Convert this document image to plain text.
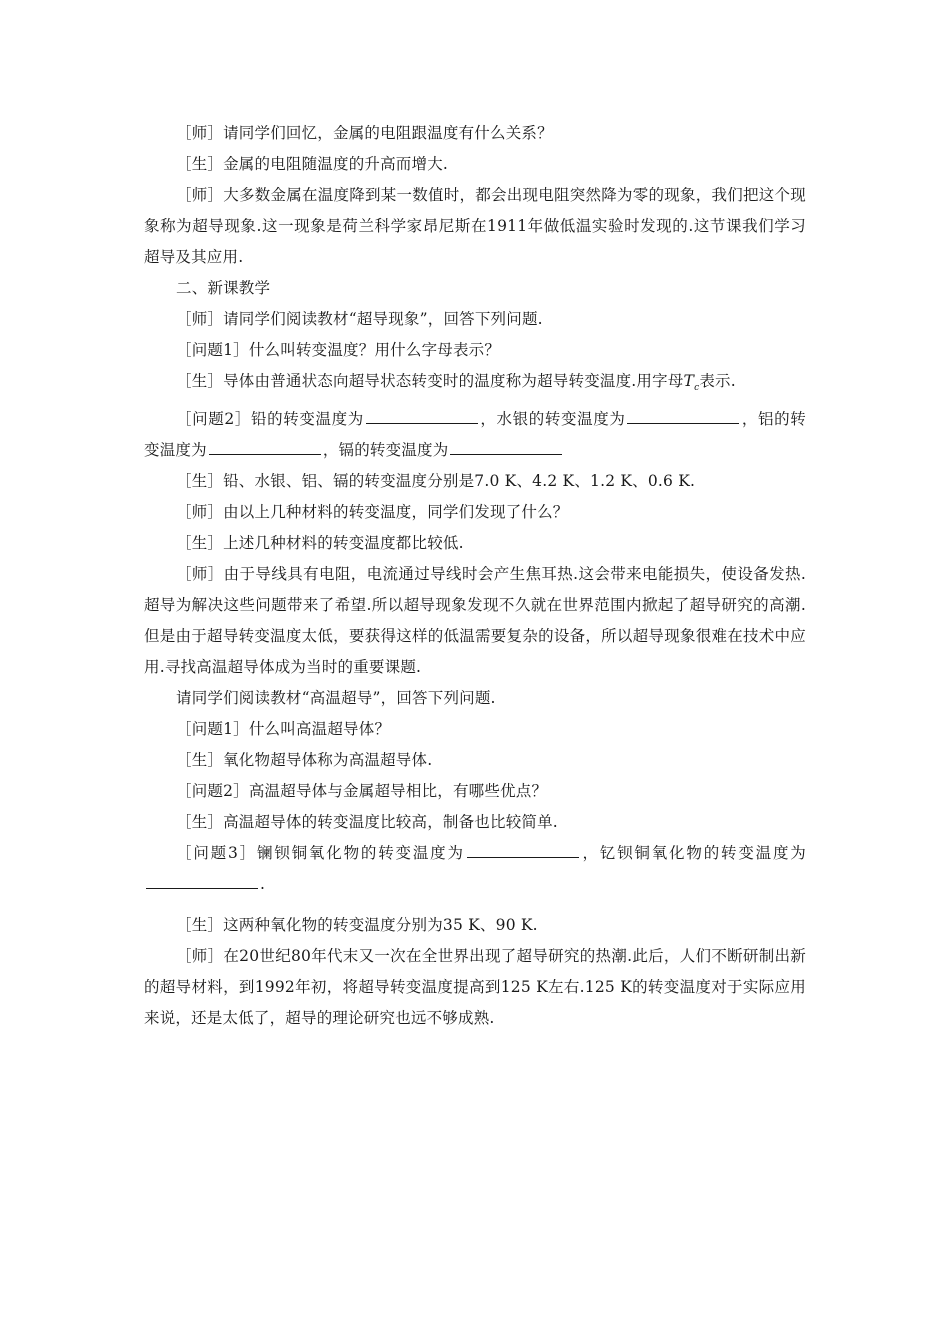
［师］请同学们回忆，金属的电阻跟温度有什么关系？

［生］金属的电阻随温度的升高而增大.

［师］大多数金属在温度降到某一数值时，都会出现电阻突然降为零的现象，我们把这个现象称为超导现象.这一现象是荷兰科学家昂尼斯在1911年做低温实验时发现的.这节课我们学习超导及其应用.

二、新课教学

［师］请同学们阅读教材“超导现象”，回答下列问题.

［问题1］什么叫转变温度？用什么字母表示？

［生］导体由普通状态向超导状态转变时的温度称为超导转变温度.用字母$T_c$表示.

［问题2］铅的转变温度为	，水银的转变温度为	，铝的转变温度为	，镉的转变温度为

［生］铅、水银、铝、镉的转变温度分别是7.0 K、4.2 K、1.2 K、0.6 K.

［师］由以上几种材料的转变温度，同学们发现了什么？

［生］上述几种材料的转变温度都比较低.

［师］由于导线具有电阻，电流通过导线时会产生焦耳热.这会带来电能损失，使设备发热.超导为解决这些问题带来了希望.所以超导现象发现不久就在世界范围内掀起了超导研究的高潮.但是由于超导转变温度太低，要获得这样的低温需要复杂的设备，所以超导现象很难在技术中应用.寻找高温超导体成为当时的重要课题.

请同学们阅读教材“高温超导”，回答下列问题.

［问题1］什么叫高温超导体？

［生］氧化物超导体称为高温超导体.

［问题2］高温超导体与金属超导相比，有哪些优点？

［生］高温超导体的转变温度比较高，制备也比较简单.

［问题3］镧钡铜氧化物的转变温度为	，钇钡铜氧化物的转变温度为.

［生］这两种氧化物的转变温度分别为35 K、90 K.

［师］在20世纪80年代末又一次在全世界出现了超导研究的热潮.此后，人们不断研制出新的超导材料，到1992年初，将超导转变温度提高到125 K左右.125 K的转变温度对于实际应用来说，还是太低了，超导的理论研究也远不够成熟.
